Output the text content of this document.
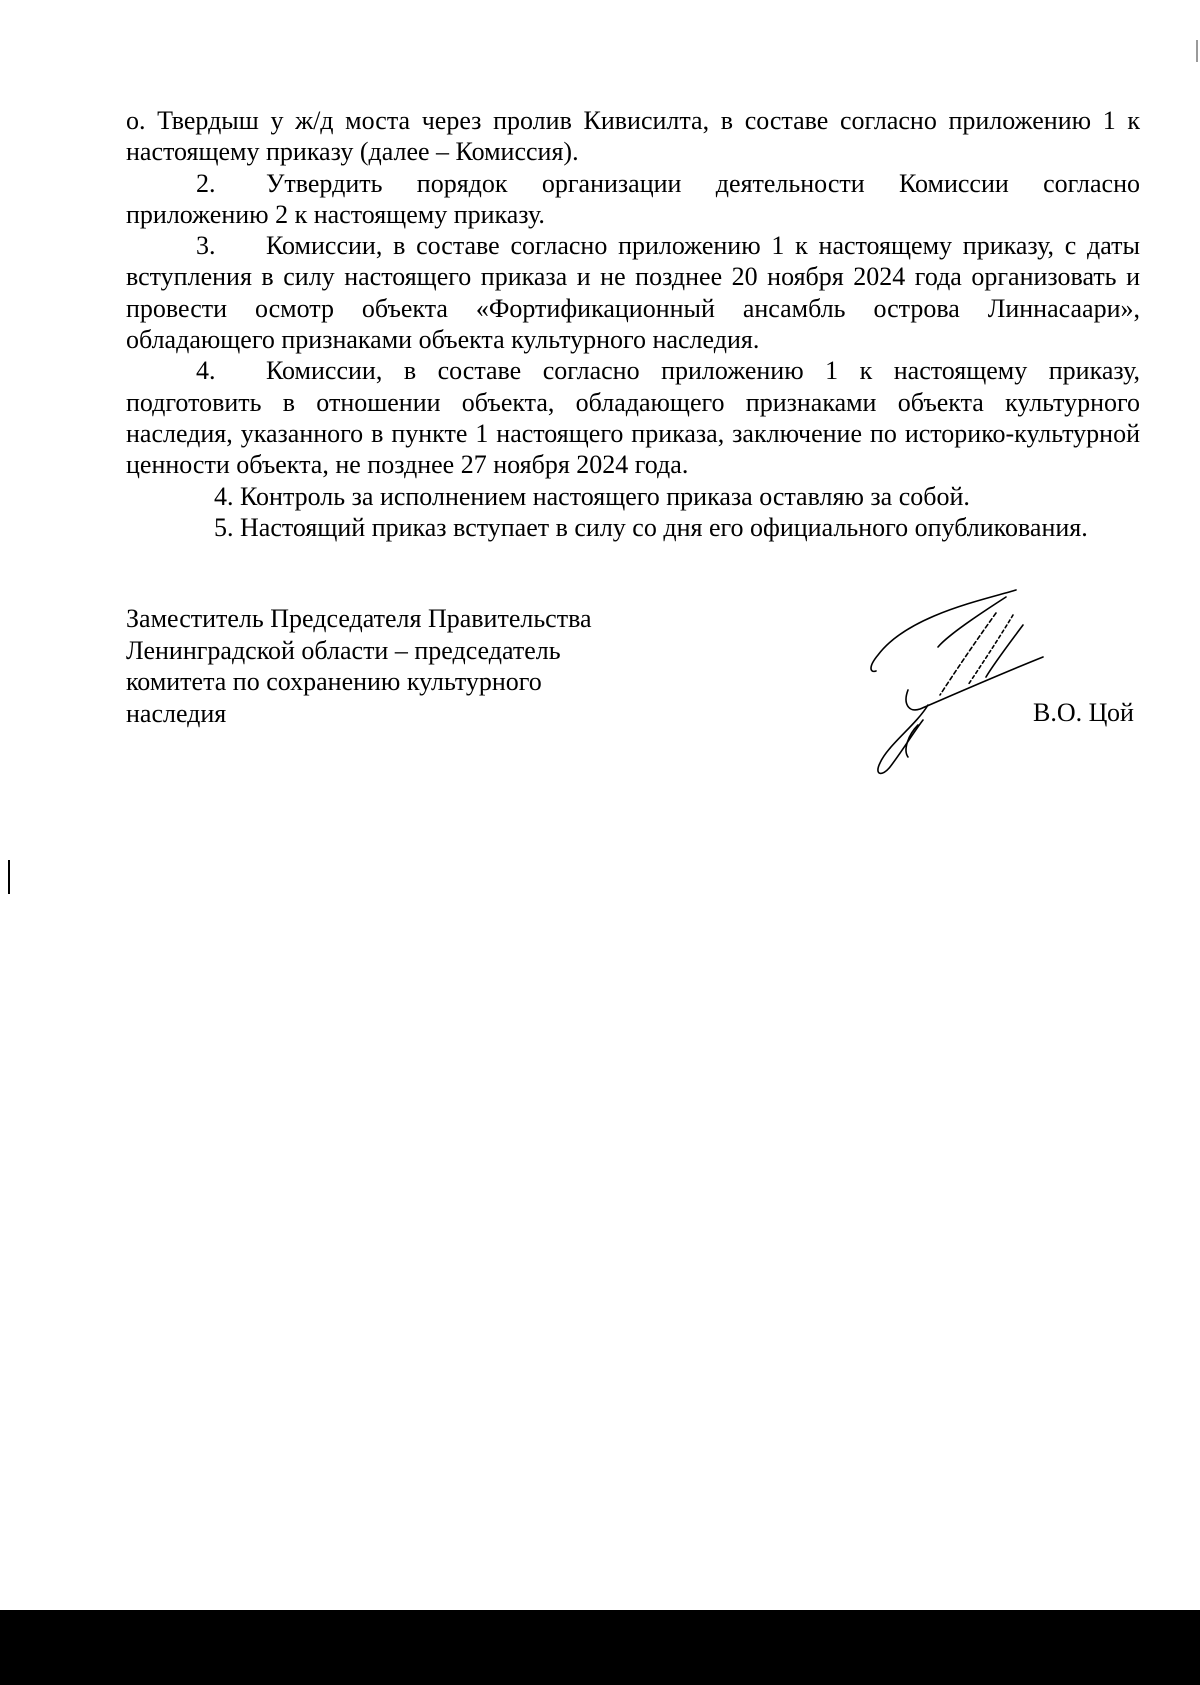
о. Твердыш у ж/д моста через пролив Кивисилта, в составе согласно приложению 1 к настоящему приказу (далее – Комиссия).

2. Утвердить порядок организации деятельности Комиссии согласно приложению 2 к настоящему приказу.

3. Комиссии, в составе согласно приложению 1 к настоящему приказу, с даты вступления в силу настоящего приказа и не позднее 20 ноября 2024 года организовать и провести осмотр объекта «Фортификационный ансамбль острова Линнасаари», обладающего признаками объекта культурного наследия.

4. Комиссии, в составе согласно приложению 1 к настоящему приказу, подготовить в отношении объекта, обладающего признаками объекта культурного наследия, указанного в пункте 1 настоящего приказа, заключение по историко-культурной ценности объекта, не позднее 27 ноября 2024 года.

4. Контроль за исполнением настоящего приказа оставляю за собой.

5. Настоящий приказ вступает в силу со дня его официального опубликования.

Заместитель Председателя Правительства
Ленинградской области – председатель
комитета по сохранению культурного
наследия	В.О. Цой
